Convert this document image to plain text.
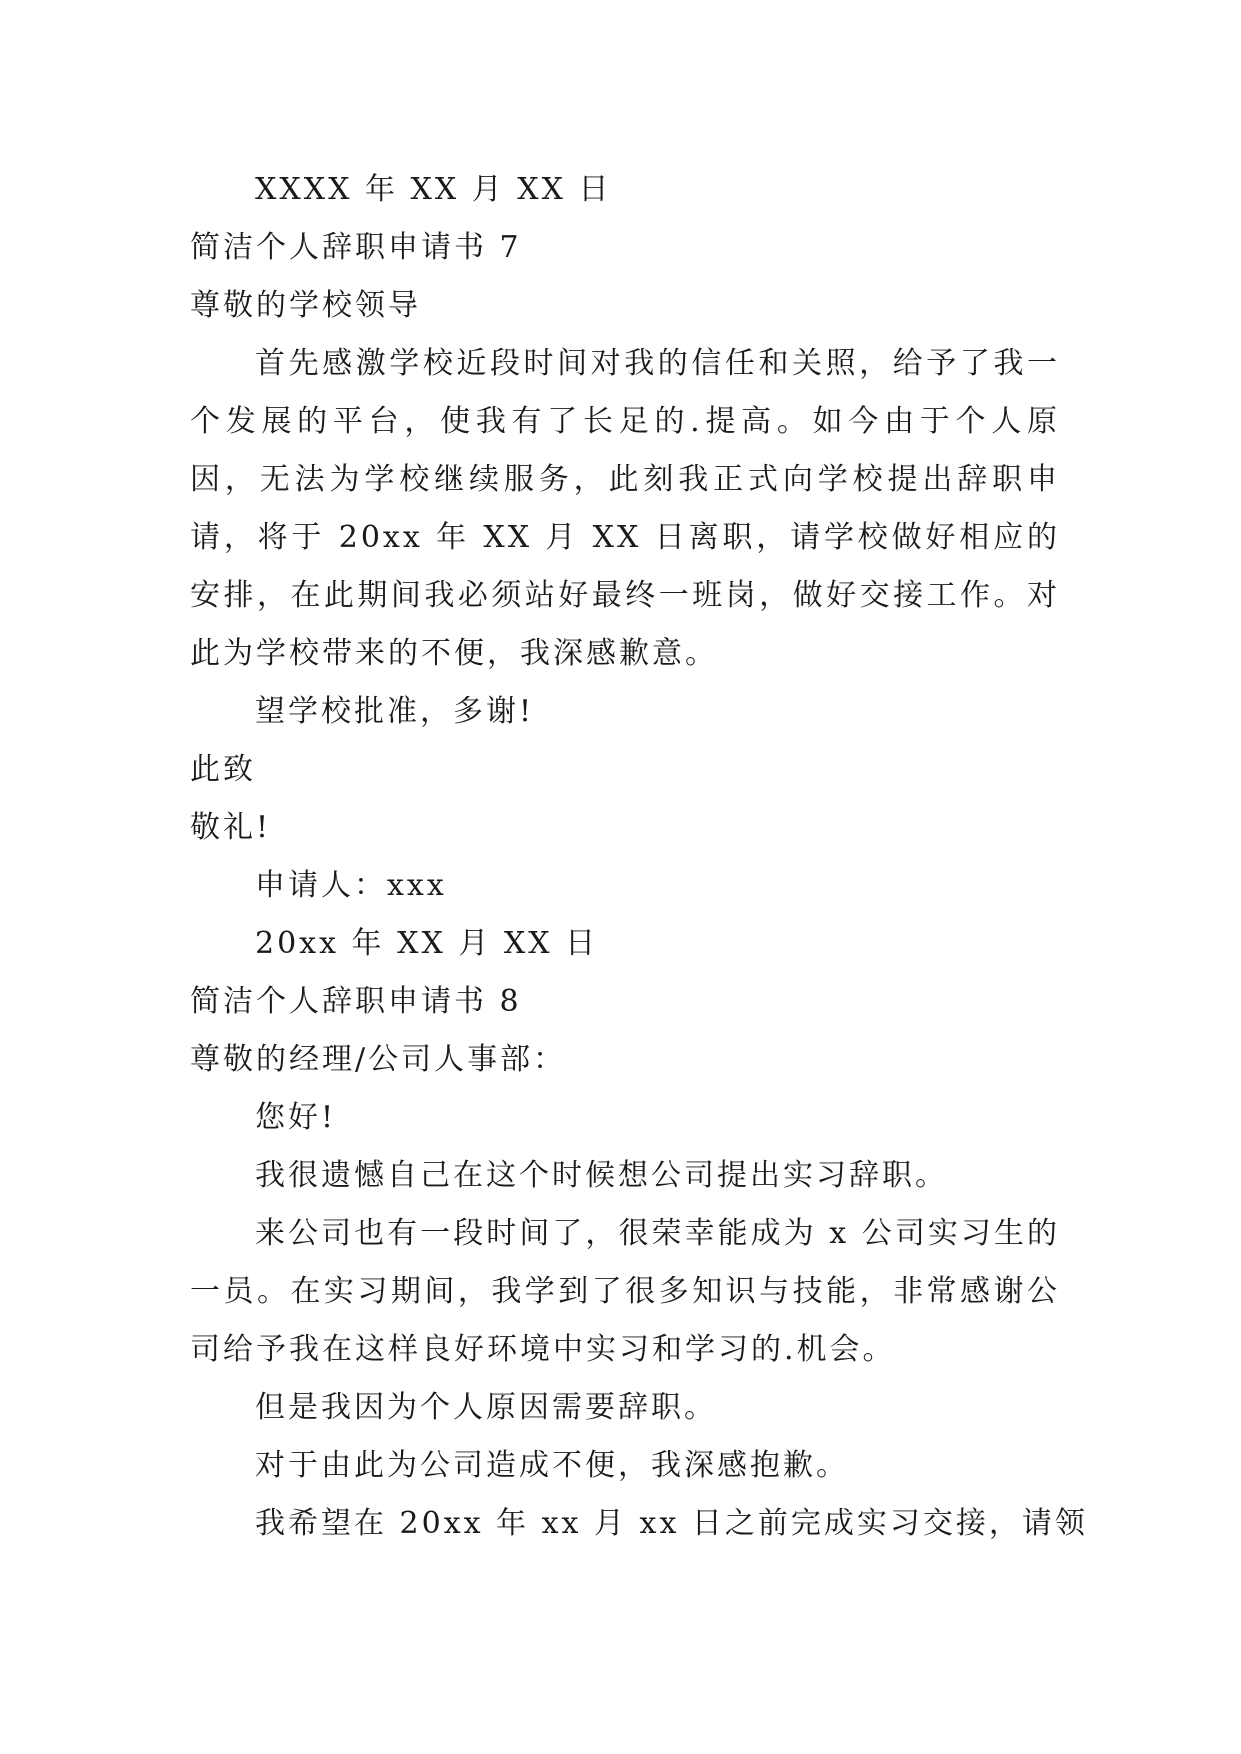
XXXX 年 XX 月 XX 日
简洁个人辞职申请书 7
尊敬的学校领导
首先感激学校近段时间对我的信任和关照，给予了我一个发展的平台，使我有了长足的.提高。如今由于个人原因，无法为学校继续服务，此刻我正式向学校提出辞职申请，将于 20xx 年 XX 月 XX 日离职，请学校做好相应的安排，在此期间我必须站好最终一班岗，做好交接工作。对此为学校带来的不便，我深感歉意。
望学校批准，多谢!
此致
敬礼!
申请人：xxx
20xx 年 XX 月 XX 日
简洁个人辞职申请书 8
尊敬的经理/公司人事部：
您好!
我很遗憾自己在这个时候想公司提出实习辞职。
来公司也有一段时间了，很荣幸能成为 x 公司实习生的一员。在实习期间，我学到了很多知识与技能，非常感谢公司给予我在这样良好环境中实习和学习的.机会。
但是我因为个人原因需要辞职。
对于由此为公司造成不便，我深感抱歉。
我希望在 20xx 年 xx 月 xx 日之前完成实习交接，请领
